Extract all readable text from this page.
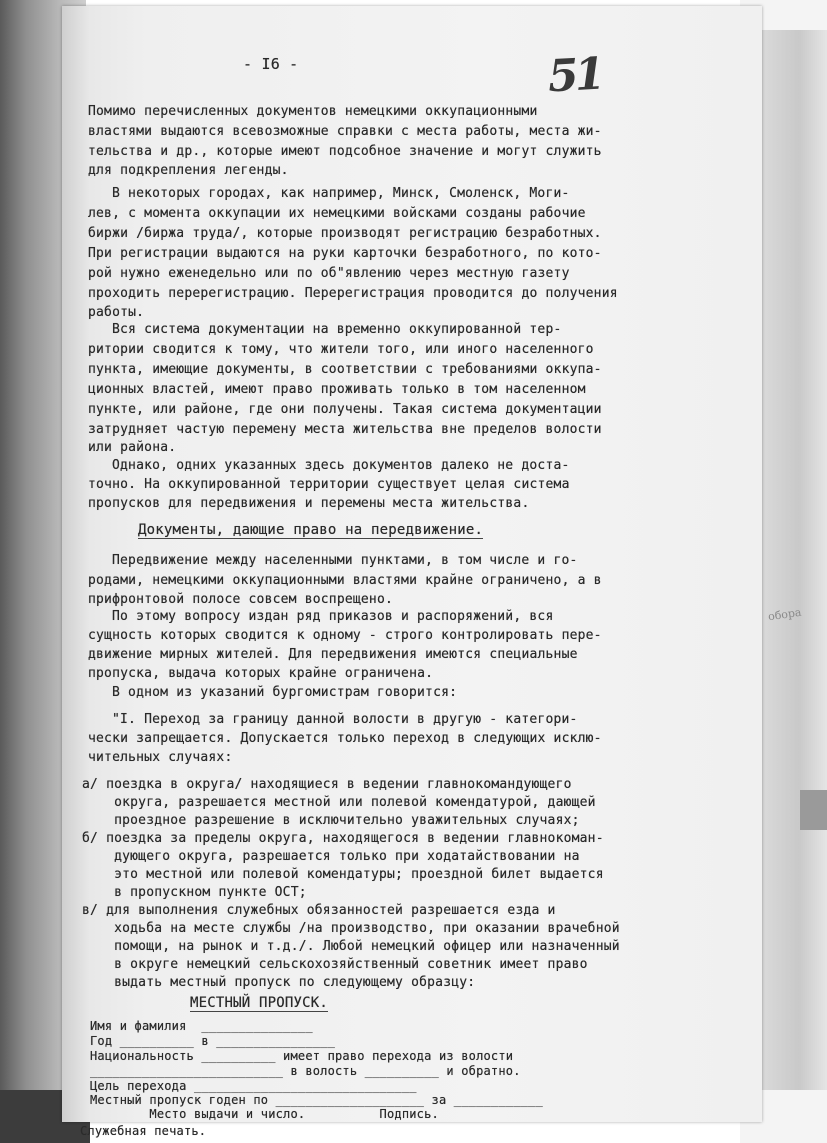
обора
- I6 -	51
Помимо перечисленных документов немецкими оккупационными
властями выдаются всевозможные справки с места работы, места жи-
тельства и др., которые имеют подсобное значение и могут служить
для подкрепления легенды.
В некоторых городах, как например, Минск, Смоленск, Моги-
лев, с момента оккупации их немецкими войсками созданы рабочие
биржи /биржа труда/, которые производят регистрацию безработных.
При регистрации выдаются на руки карточки безработного, по кото-
рой нужно еженедельно или по об"явлению через местную газету
проходить перерегистрацию. Перерегистрация проводится до получения
работы.
Вся система документации на временно оккупированной тер-
ритории сводится к тому, что жители того, или иного населенного
пункта, имеющие документы, в соответствии с требованиями оккупа-
ционных властей, имеют право проживать только в том населенном
пункте, или районе, где они получены. Такая система документации
затрудняет частую перемену места жительства вне пределов волости
или района.
Однако, одних указанных здесь документов далеко не доста-
точно. На оккупированной территории существует целая система
пропусков для передвижения и перемены места жительства.
Документы, дающие право на передвижение.
Передвижение между населенными пунктами, в том числе и го-
родами, немецкими оккупационными властями крайне ограничено, а в
прифронтовой полосе совсем воспрещено.
По этому вопросу издан ряд приказов и распоряжений, вся
сущность которых сводится к одному - строго контролировать пере-
движение мирных жителей. Для передвижения имеются специальные
пропуска, выдача которых крайне ограничена.
В одном из указаний бургомистрам говорится:
"I. Переход за границу данной волости в другую - категори-
чески запрещается. Допускается только переход в следующих исклю-
чительных случаях:
а/ поездка в округа/ находящиеся в ведении главнокомандующего
округа, разрешается местной или полевой комендатурой, дающей
проездное разрешение в исключительно уважительных случаях;
б/ поездка за пределы округа, находящегося в ведении главнокоман-
дующего округа, разрешается только при ходатайствовании на
это местной или полевой комендатуры; проездной билет выдается
в пропускном пункте ОСТ;
в/ для выполнения служебных обязанностей разрешается езда и
ходьба на месте службы /на производство, при оказании врачебной
помощи, на рынок и т.д./. Любой немецкий офицер или назначенный
в округе немецкий сельскохозяйственный советник имеет право
выдать местный пропуск по следующему образцу:
МЕСТНЫЙ ПРОПУСК.
Имя и фамилия  _______________
Год __________ в ________________
Национальность __________ имеет право перехода из волости
__________________________ в волость __________ и обратно.
Цель перехода ______________________________
Местный пропуск годен по ____________________ за ____________
Место выдачи и число.          Подпись.
Служебная печать.
